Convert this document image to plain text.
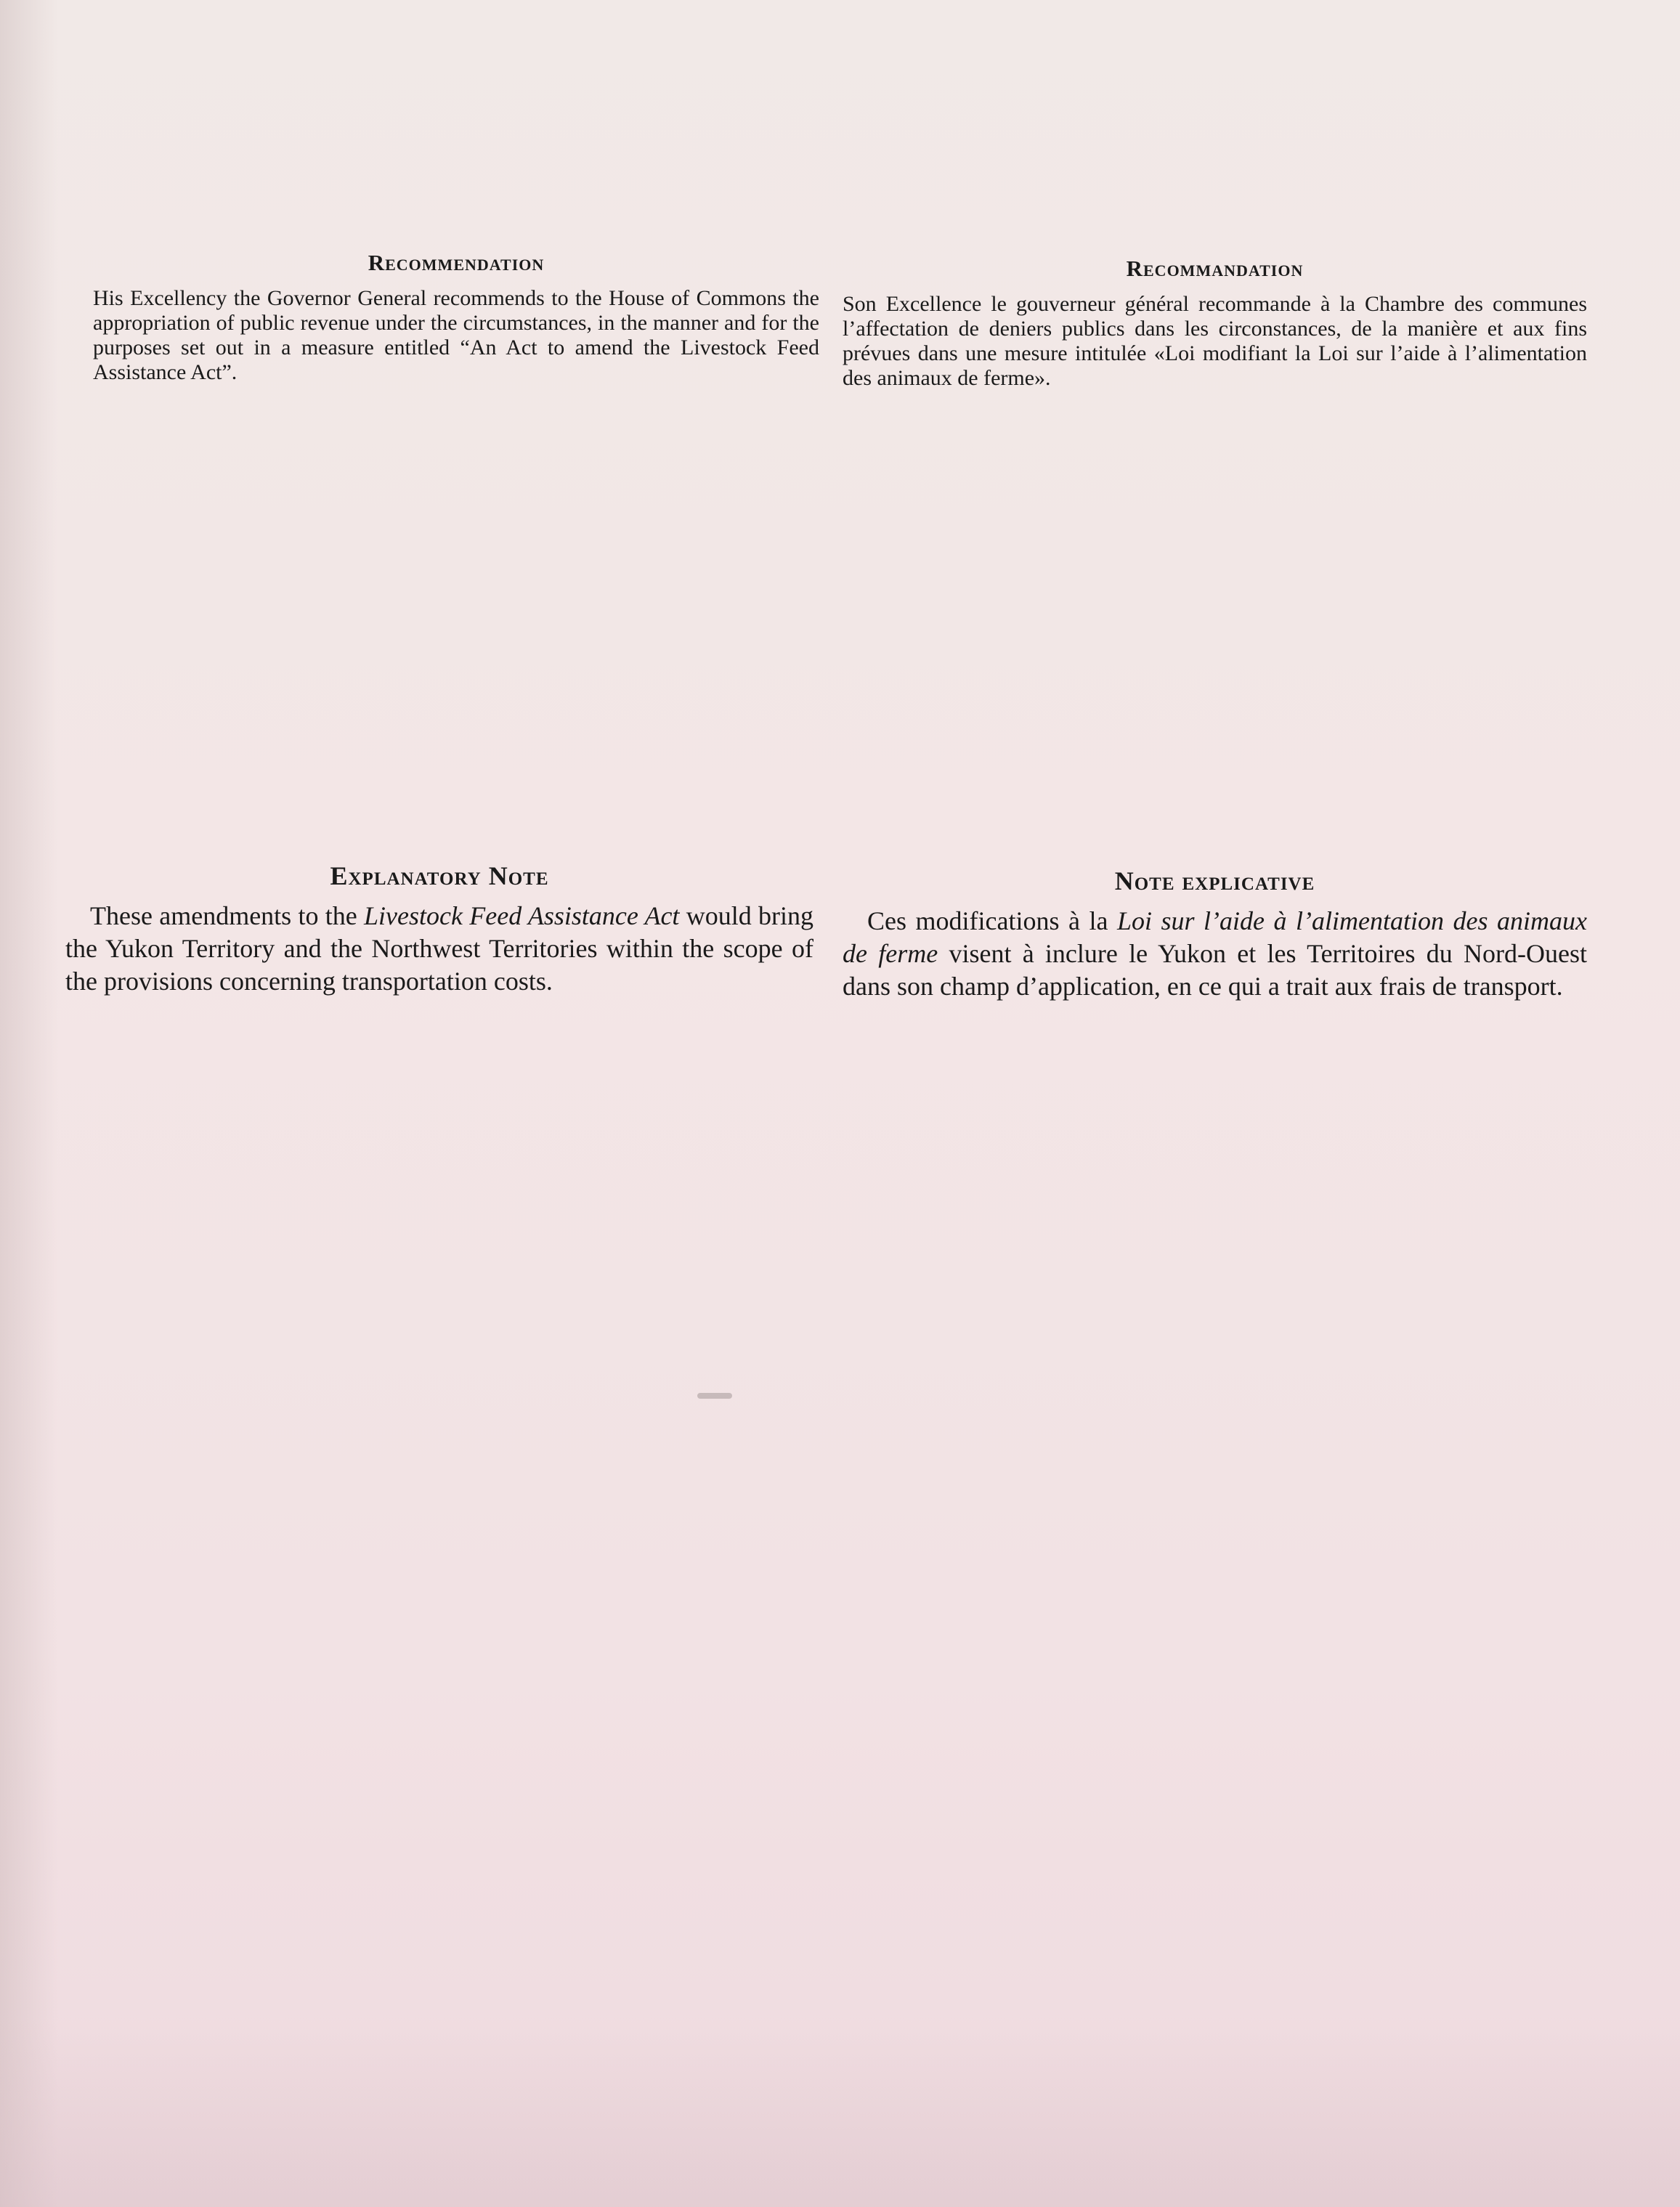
Recommendation

His Excellency the Governor General recommends to the House of Commons the appropriation of public revenue under the circumstances, in the manner and for the purposes set out in a measure entitled “An Act to amend the Livestock Feed Assistance Act”.

Recommandation

Son Excellence le gouverneur général recommande à la Chambre des communes l’affectation de deniers publics dans les circonstances, de la manière et aux fins prévues dans une mesure intitulée «Loi modifiant la Loi sur l’aide à l’alimentation des animaux de ferme».

Explanatory Note

These amendments to the Livestock Feed Assistance Act would bring the Yukon Territory and the Northwest Territories within the scope of the provisions concerning transportation costs.

Note explicative

Ces modifications à la Loi sur l’aide à l’alimentation des animaux de ferme visent à inclure le Yukon et les Territoires du Nord-Ouest dans son champ d’application, en ce qui a trait aux frais de transport.
